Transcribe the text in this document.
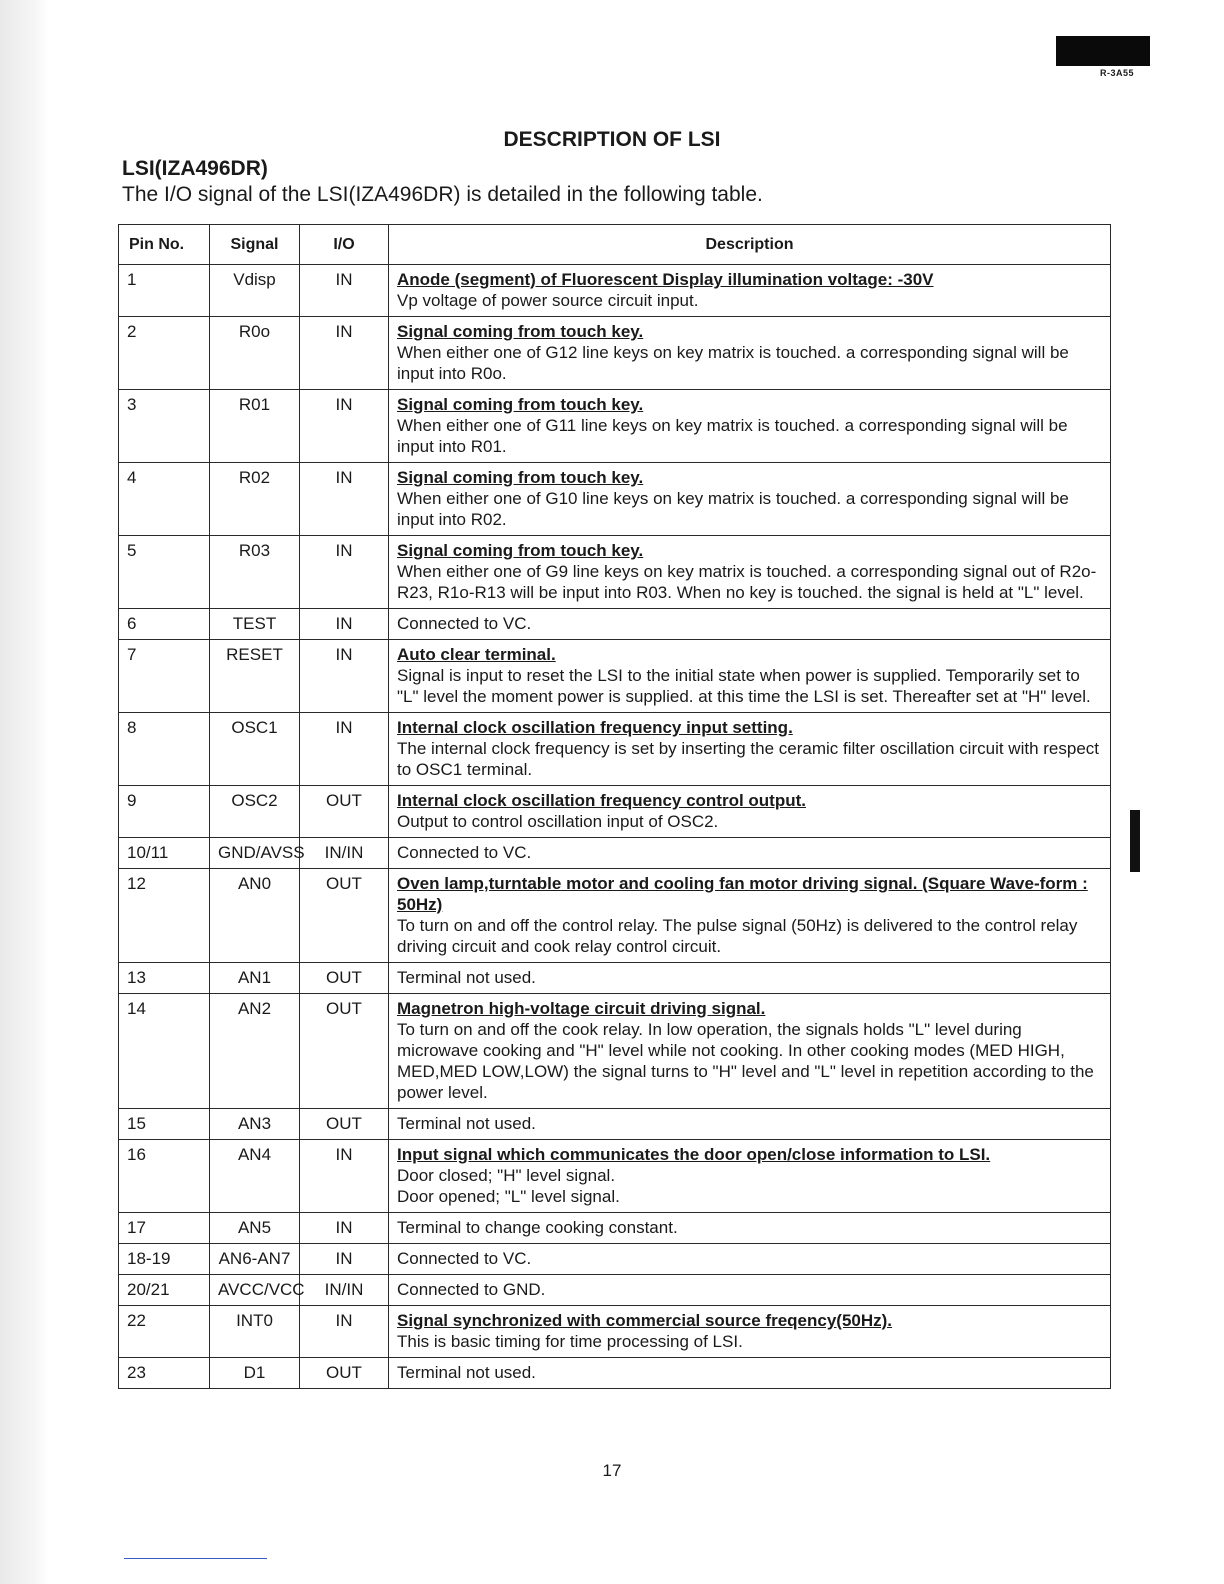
R-3A55
DESCRIPTION OF LSI
LSI(IZA496DR)
The I/O signal of the LSI(IZA496DR) is detailed in the following table.
Pin No.	Signal	I/O	Description
1	Vdisp	IN	Anode (segment) of Fluorescent Display illumination voltage: -30V
Vp voltage of power source circuit input.

2	R0o	IN	Signal coming from touch key.
When either one of G12 line keys on key matrix is touched. a corresponding signal will be input into R0o.

3	R01	IN	Signal coming from touch key.
When either one of G11 line keys on key matrix is touched. a corresponding signal will be input into R01.

4	R02	IN	Signal coming from touch key.
When either one of G10 line keys on key matrix is touched. a corresponding signal will be input into R02.

5	R03	IN	Signal coming from touch key.
When either one of G9 line keys on key matrix is touched. a corresponding signal out of R2o-R23, R1o-R13 will be input into R03. When no key is touched. the signal is held at "L" level.

6	TEST	IN	Connected to VC.

7	RESET	IN	Auto clear terminal.
Signal is input to reset the LSI to the initial state when power is supplied. Temporarily set to "L" level the moment power is supplied. at this time the LSI is set. Thereafter set at "H" level.

8	OSC1	IN	Internal clock oscillation frequency input setting.
The internal clock frequency is set by inserting the ceramic filter oscillation circuit with respect to OSC1 terminal.

9	OSC2	OUT	Internal clock oscillation frequency control output.
Output to control oscillation input of OSC2.

10/11	GND/AVSS	IN/IN	Connected to VC.

12	AN0	OUT	Oven lamp,turntable motor and cooling fan motor driving signal. (Square Wave-form : 50Hz)
To turn on and off the control relay. The pulse signal (50Hz) is delivered to the control relay driving circuit and cook relay control circuit.

13	AN1	OUT	Terminal not used.

14	AN2	OUT	Magnetron high-voltage circuit driving signal.
To turn on and off the cook relay. In low operation, the signals holds "L" level during microwave cooking and "H" level while not cooking. In other cooking modes (MED HIGH, MED,MED LOW,LOW) the signal turns to "H" level and "L" level in repetition according to the power level.

15	AN3	OUT	Terminal not used.

16	AN4	IN	Input signal which communicates the door open/close information to LSI.
Door closed; "H" level signal.
Door opened; "L" level signal.

17	AN5	IN	Terminal to change cooking constant.

18-19	AN6-AN7	IN	Connected to VC.

20/21	AVCC/VCC	IN/IN	Connected to GND.

22	INT0	IN	Signal synchronized with commercial source freqency(50Hz).
This is basic timing for time processing of LSI.

23	D1	OUT	Terminal not used.
17
